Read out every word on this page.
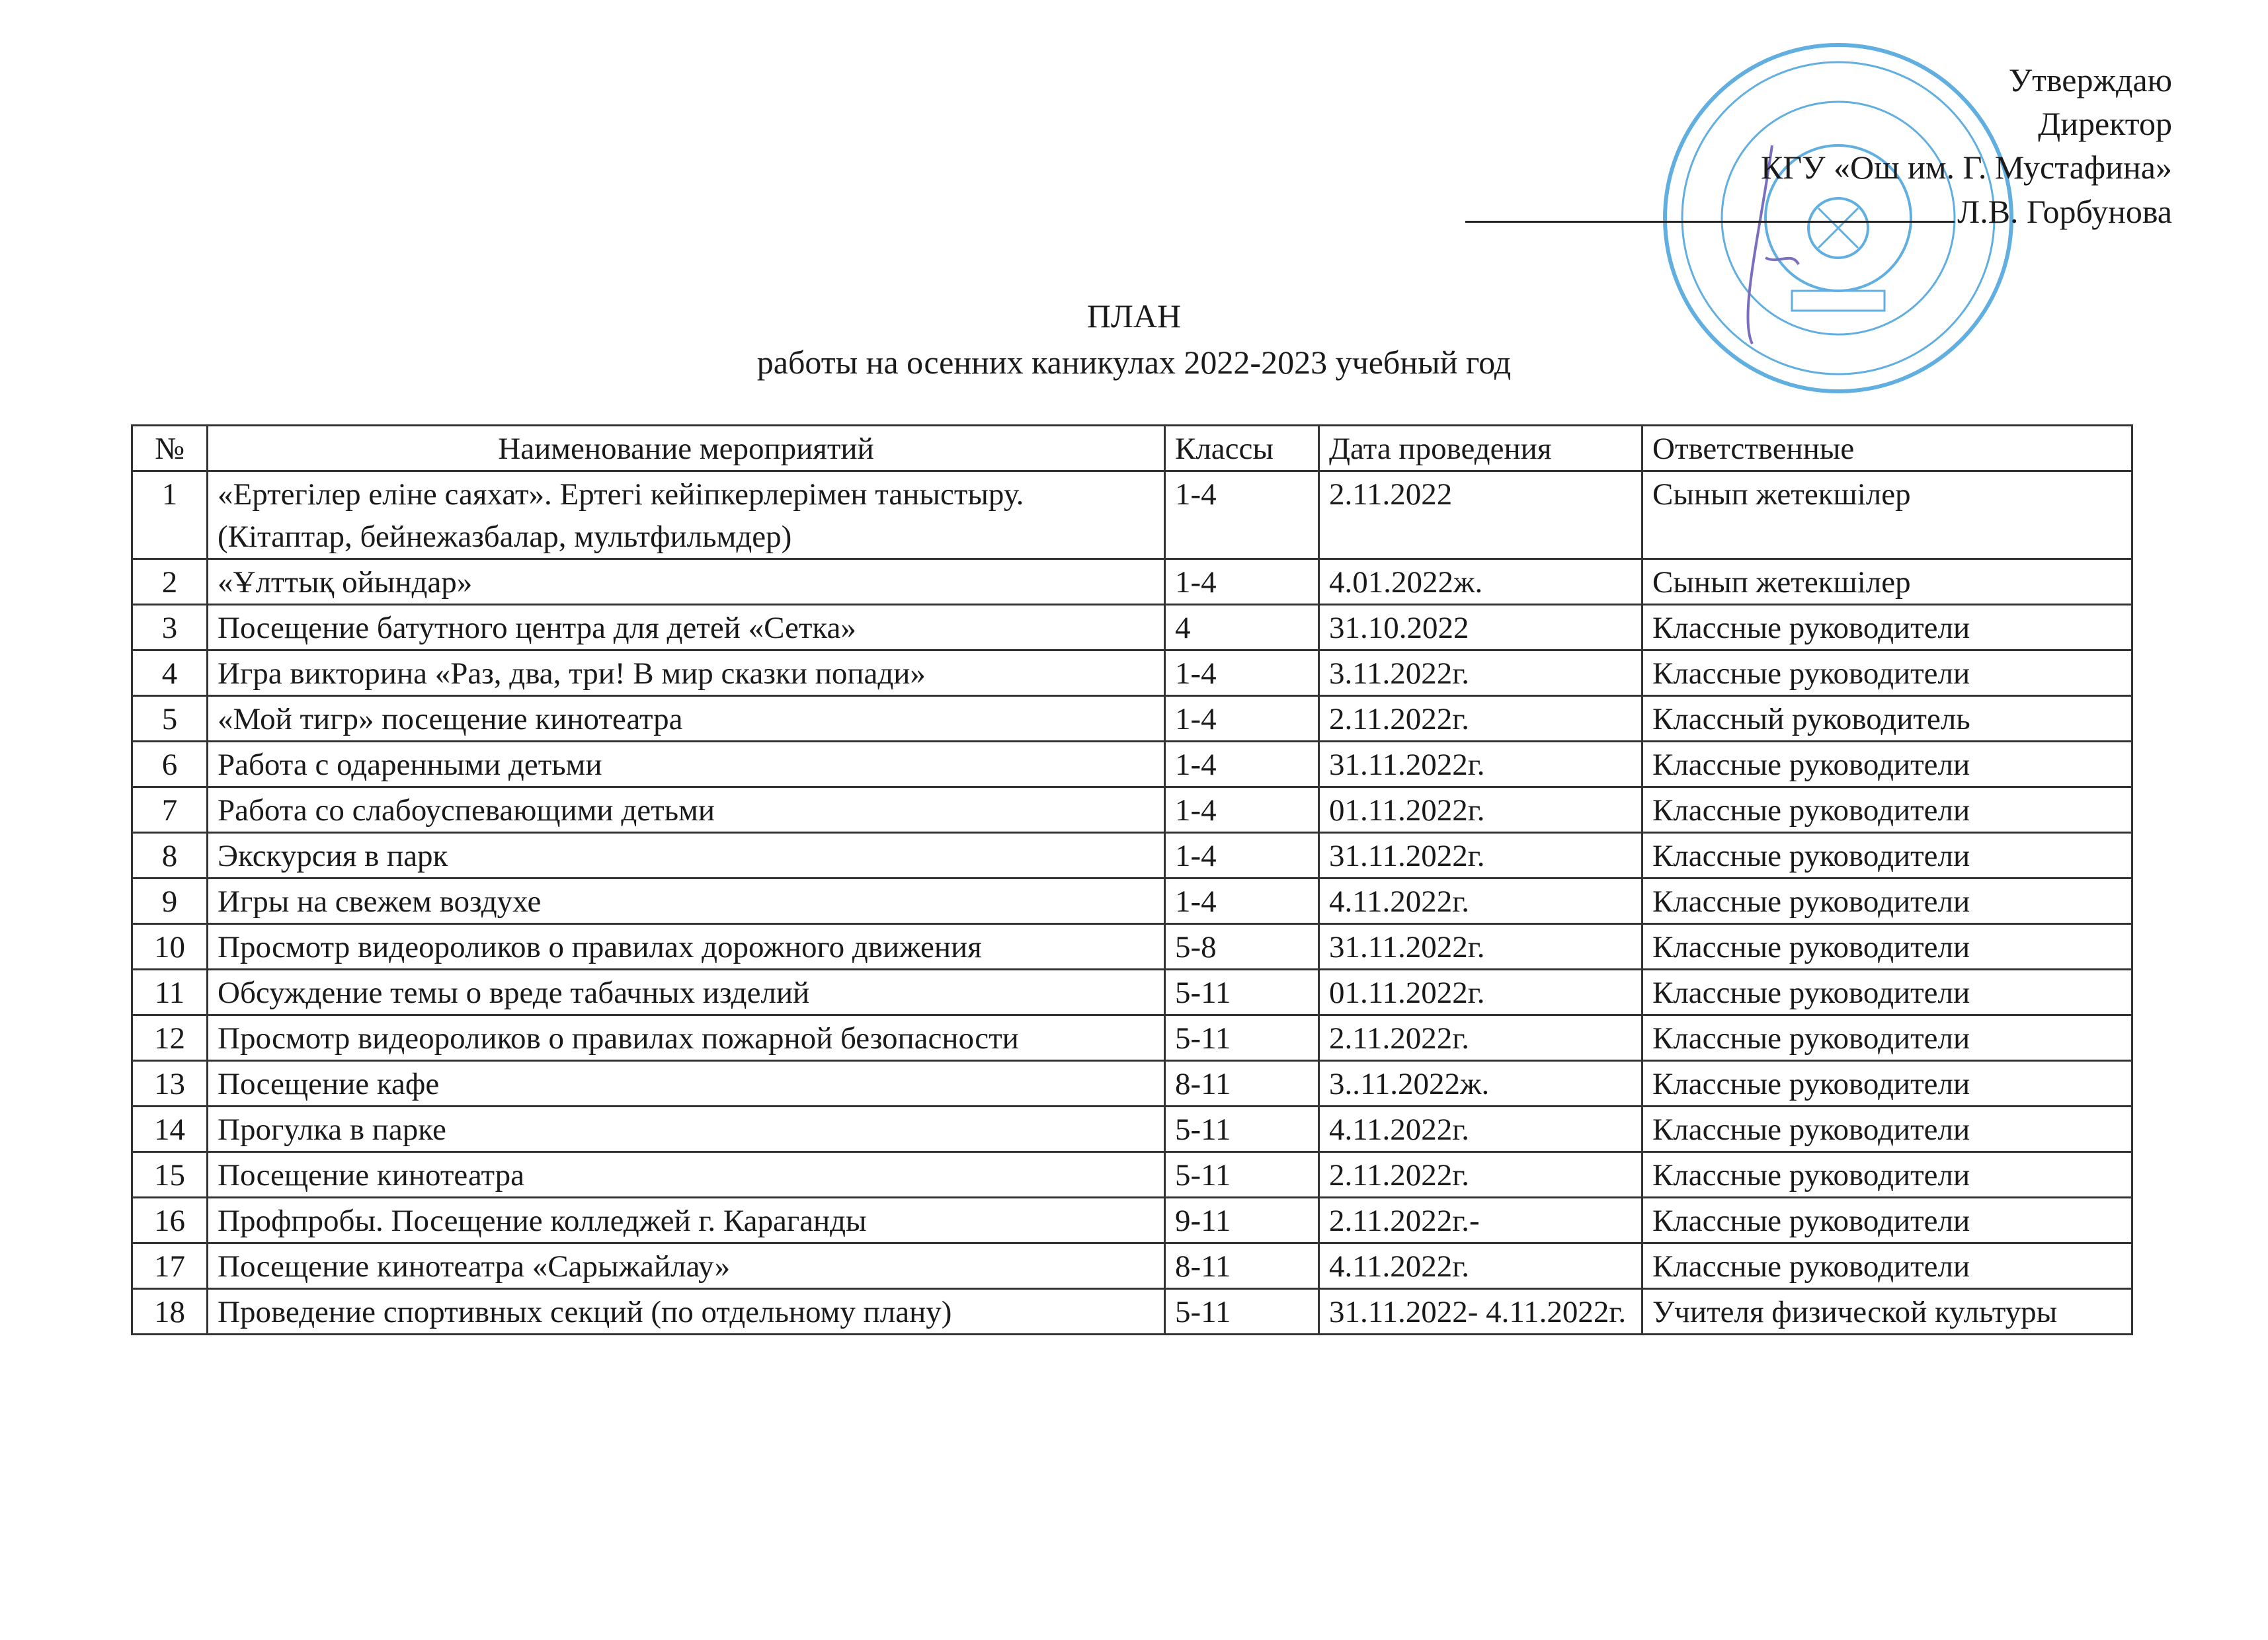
Утверждаю
Директор
КГУ «Ош им. Г. Мустафина»
Л.В. Горбунова
ПЛАН
работы на осенних каникулах 2022-2023 учебный год
№	Наименование мероприятий	Классы	Дата проведения	Ответственные
1	«Ертегілер еліне саяхат». Ертегі кейіпкерлерімен таныстыру. (Кітаптар, бейнежазбалар, мультфильмдер)	1-4	2.11.2022	Сынып жетекшілер
2	«Ұлттық ойындар»	1-4	4.01.2022ж.	Сынып жетекшілер
3	Посещение батутного центра для детей «Сетка»	4	31.10.2022	Классные руководители
4	Игра викторина «Раз, два, три! В мир сказки попади»	1-4	3.11.2022г.	Классные руководители
5	«Мой тигр» посещение кинотеатра	1-4	2.11.2022г.	Классный руководитель
6	Работа с одаренными детьми	1-4	31.11.2022г.	Классные руководители
7	Работа со слабоуспевающими детьми	1-4	01.11.2022г.	Классные руководители
8	Экскурсия в парк	1-4	31.11.2022г.	Классные руководители
9	Игры на свежем воздухе	1-4	4.11.2022г.	Классные руководители
10	Просмотр видеороликов о правилах дорожного движения	5-8	31.11.2022г.	Классные руководители
11	Обсуждение темы о вреде табачных изделий	5-11	01.11.2022г.	Классные руководители
12	Просмотр видеороликов о правилах пожарной безопасности	5-11	2.11.2022г.	Классные руководители
13	Посещение кафе	8-11	3..11.2022ж.	Классные руководители
14	Прогулка в парке	5-11	4.11.2022г.	Классные руководители
15	Посещение кинотеатра	5-11	2.11.2022г.	Классные руководители
16	Профпробы. Посещение колледжей г. Караганды	9-11	2.11.2022г.-	Классные руководители
17	Посещение кинотеатра «Сарыжайлау»	8-11	4.11.2022г.	Классные руководители
18	Проведение спортивных секций (по отдельному плану)	5-11	31.11.2022- 4.11.2022г.	Учителя физической культуры
